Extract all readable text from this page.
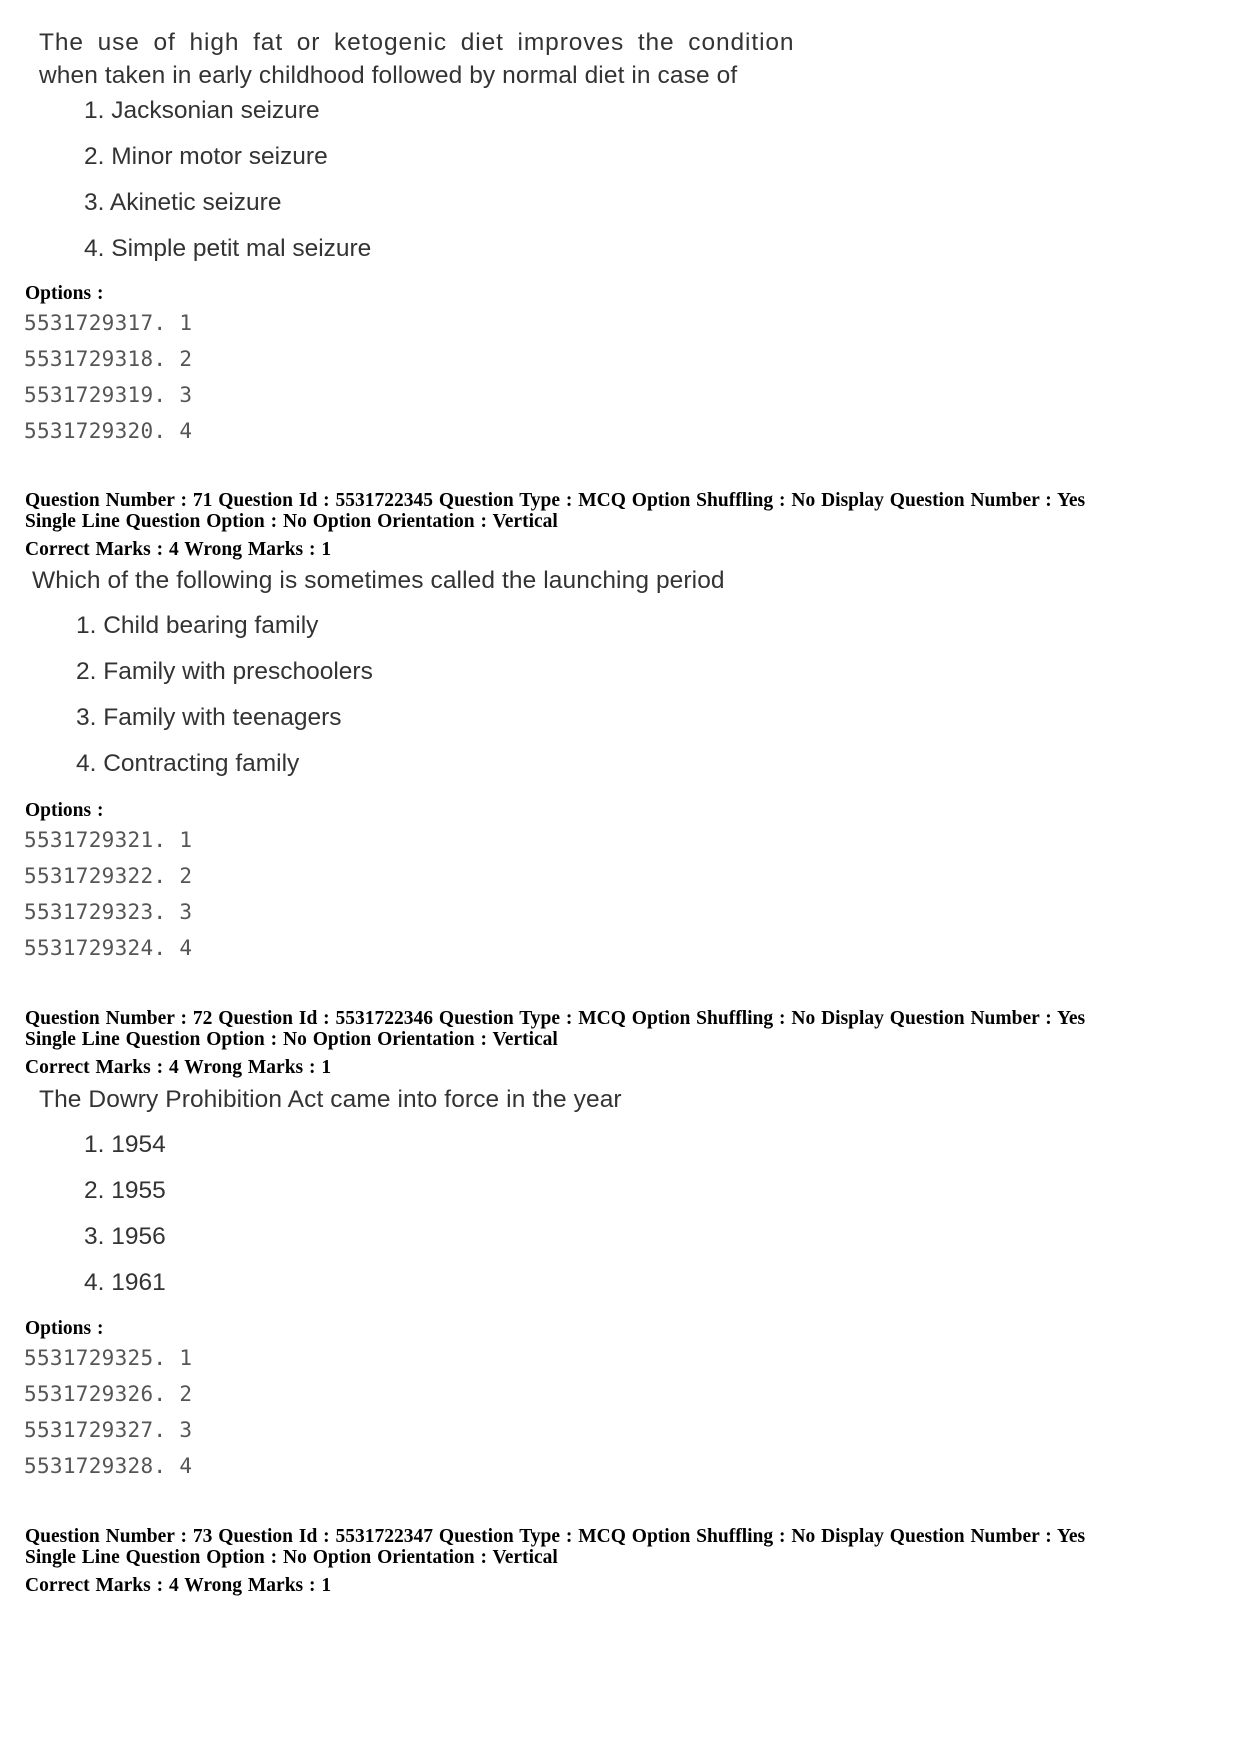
The use of high fat or ketogenic diet improves the condition
when taken in early childhood followed by normal diet in case of
1. Jacksonian seizure
2. Minor motor seizure
3. Akinetic seizure
4. Simple petit mal seizure
Options :
5531729317. 1
5531729318. 2
5531729319. 3
5531729320. 4
Question Number : 71 Question Id : 5531722345 Question Type : MCQ Option Shuffling : No Display Question Number : Yes
Single Line Question Option : No Option Orientation : Vertical
Correct Marks : 4 Wrong Marks : 1
Which of the following is sometimes called the launching period
1. Child bearing family
2. Family with preschoolers
3. Family with teenagers
4. Contracting family
Options :
5531729321. 1
5531729322. 2
5531729323. 3
5531729324. 4
Question Number : 72 Question Id : 5531722346 Question Type : MCQ Option Shuffling : No Display Question Number : Yes
Single Line Question Option : No Option Orientation : Vertical
Correct Marks : 4 Wrong Marks : 1
The Dowry Prohibition Act came into force in the year
1. 1954
2. 1955
3. 1956
4. 1961
Options :
5531729325. 1
5531729326. 2
5531729327. 3
5531729328. 4
Question Number : 73 Question Id : 5531722347 Question Type : MCQ Option Shuffling : No Display Question Number : Yes
Single Line Question Option : No Option Orientation : Vertical
Correct Marks : 4 Wrong Marks : 1
